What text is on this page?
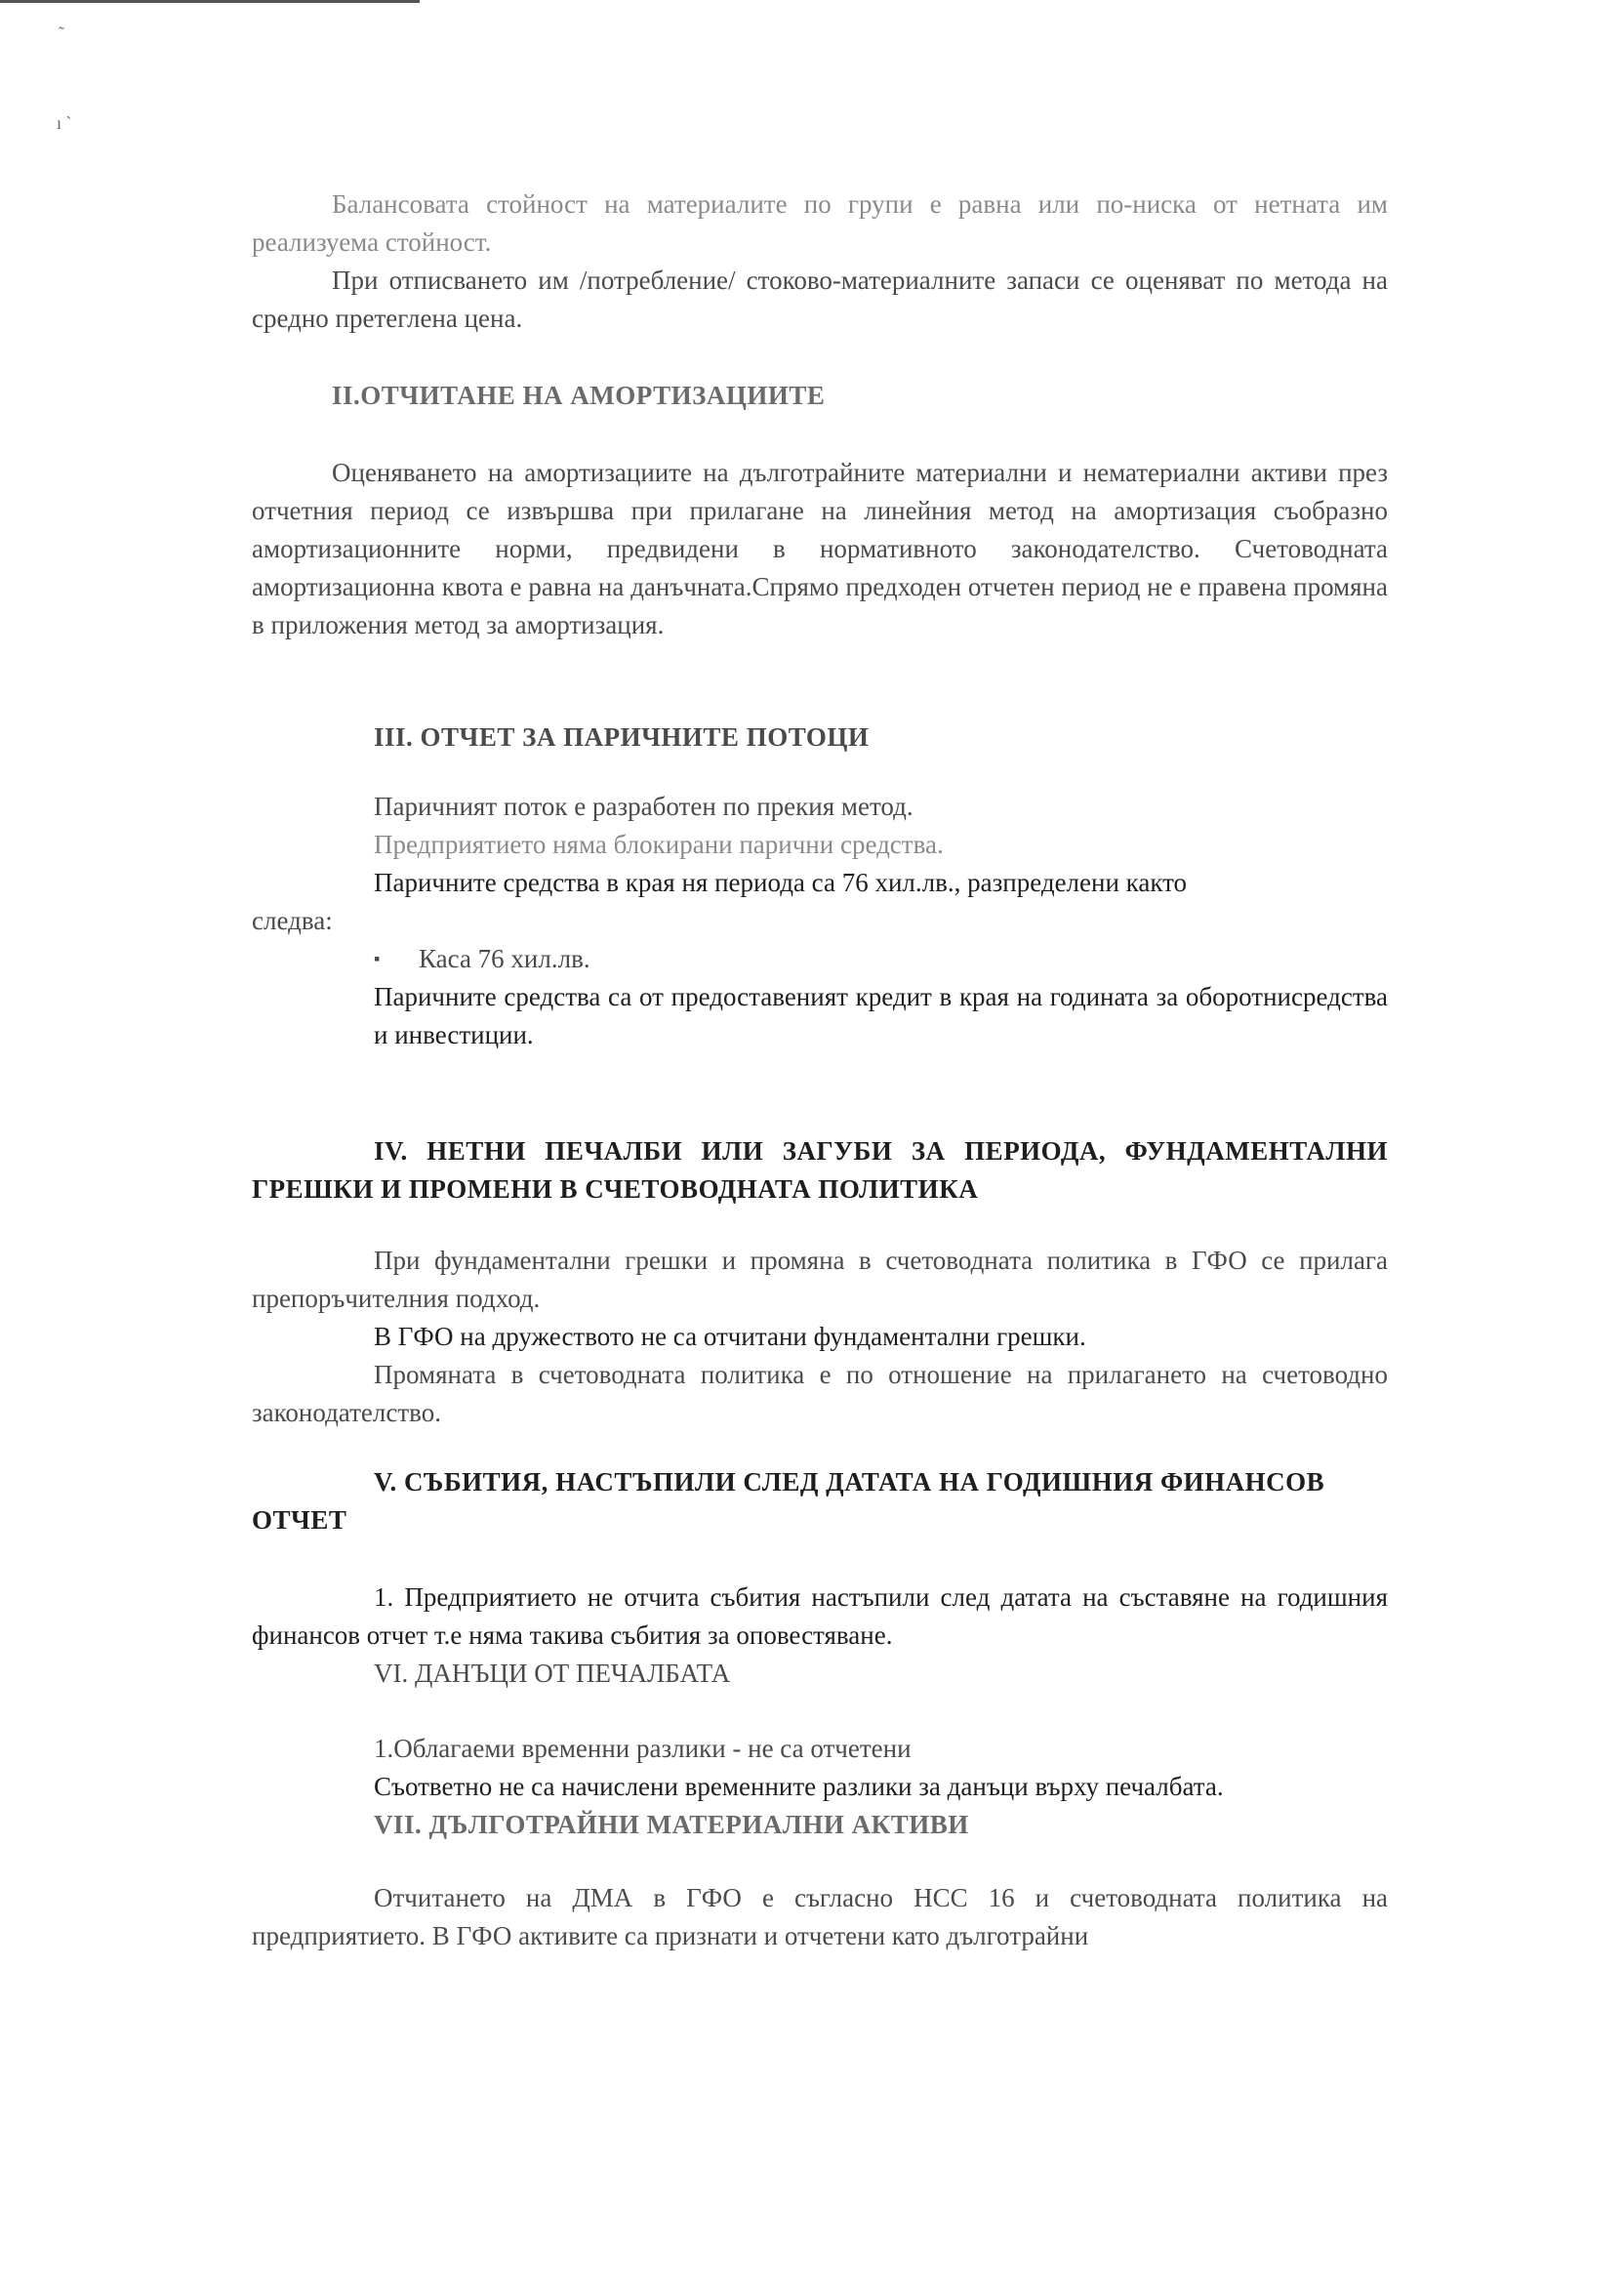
˜
ı ˋ

Балансовата стойност на материалите по групи е равна или по-ниска от нетната им реализуема стойност.

При отписването им /потребление/ стоково-материалните запаси се оценяват по метода на средно претеглена цена.

II.ОТЧИТАНЕ НА АМОРТИЗАЦИИТЕ

Оценяването на амортизациите на дълготрайните материални и нематериални активи през отчетния период се извършва при прилагане на линейния метод на амортизация съобразно амортизационните норми, предвидени в нормативното законодателство. Счетоводната амортизационна квота е равна на данъчната.Спрямо предходен отчетен период не е правена промяна в приложения метод за амортизация.

III. ОТЧЕТ ЗА ПАРИЧНИТЕ ПОТОЦИ

Паричният поток е разработен по прекия метод.

Предприятието няма блокирани парични средства.

Паричните средства в края ня периода са 76 хил.лв., разпределени както

следва:

▪	Каса 76 хил.лв.

Паричните средства са от предоставеният кредит в края на годината за оборотнисредства и инвестиции.

IV. НЕТНИ ПЕЧАЛБИ ИЛИ ЗАГУБИ ЗА ПЕРИОДА, ФУНДАМЕНТАЛНИ ГРЕШКИ И ПРОМЕНИ В СЧЕТОВОДНАТА ПОЛИТИКА

При фундаментални грешки и промяна в счетоводната политика в ГФО се прилага препоръчителния подход.

В ГФО на дружеството не са отчитани фундаментални грешки.

Промяната в счетоводната политика е по отношение на прилагането на счетоводно законодателство.

V. СЪБИТИЯ, НАСТЪПИЛИ СЛЕД ДАТАТА НА ГОДИШНИЯ ФИНАНСОВ ОТЧЕТ

1. Предприятието не отчита събития настъпили след датата на съставяне на годишния финансов отчет т.е няма такива събития за оповестяване.

VI. ДАНЪЦИ ОТ ПЕЧАЛБАТА

1.Облагаеми временни разлики - не са отчетени

Съответно не са начислени временните разлики за данъци върху печалбата.

VII. ДЪЛГОТРАЙНИ МАТЕРИАЛНИ АКТИВИ

Отчитането на ДМА в ГФО е съгласно НСС 16 и счетоводната политика на предприятието. В ГФО активите са признати и отчетени като дълготрайни
